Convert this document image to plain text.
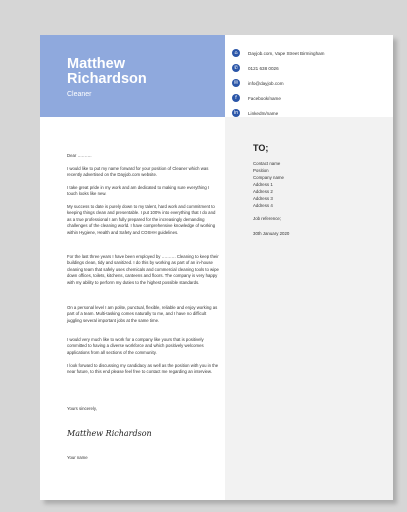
Matthew
Richardson
Cleaner
⌂	Dayjob.com, Vape Street Birmingham
✆	0121 638 0026
✉	info@dayjob.com
f	Facebook/name
in	LinkedIn/name
TO;
Contact name
Position
Company name
Address 1
Address 2
Address 3
Address 4
Job reference;
30th January 2020

Dear ……….

I would like to put my name forward for your position of Cleaner which was recently advertised on the Dayjob.com website.

I take great pride in my work and am dedicated to making sure everything I touch looks like new.

My success to date is purely down to my talent, hard work and commitment to keeping things clean and presentable. I put 100% into everything that I do and as a true professional I am fully prepared for the increasingly demanding challenges of the cleaning world. I have comprehensive knowledge of working within Hygiene, Health and Safety and COSHH guidelines.

For the last three years I have been employed by ………. Cleaning to keep their buildings clean, tidy and sanitized. I do this by working as part of an in-house cleaning team that safely uses chemicals and commercial cleaning tools to wipe down offices, toilets, kitchens, canteens and floors. The company is very happy with my ability to perform my duties to the highest possible standards.

On a personal level I am polite, punctual, flexible, reliable and enjoy working as part of a team. Multi-tasking comes naturally to me, and I have no difficult juggling several important jobs at the same time.

I would very much like to work for a company like yours that is positively committed to having a diverse workforce and which positively welcomes applications from all sections of the community.

I look forward to discussing my candidacy as well as the position with you in the near future, to this end please feel free to contact me regarding an interview.

Yours sincerely,

Matthew Richardson

Your name
